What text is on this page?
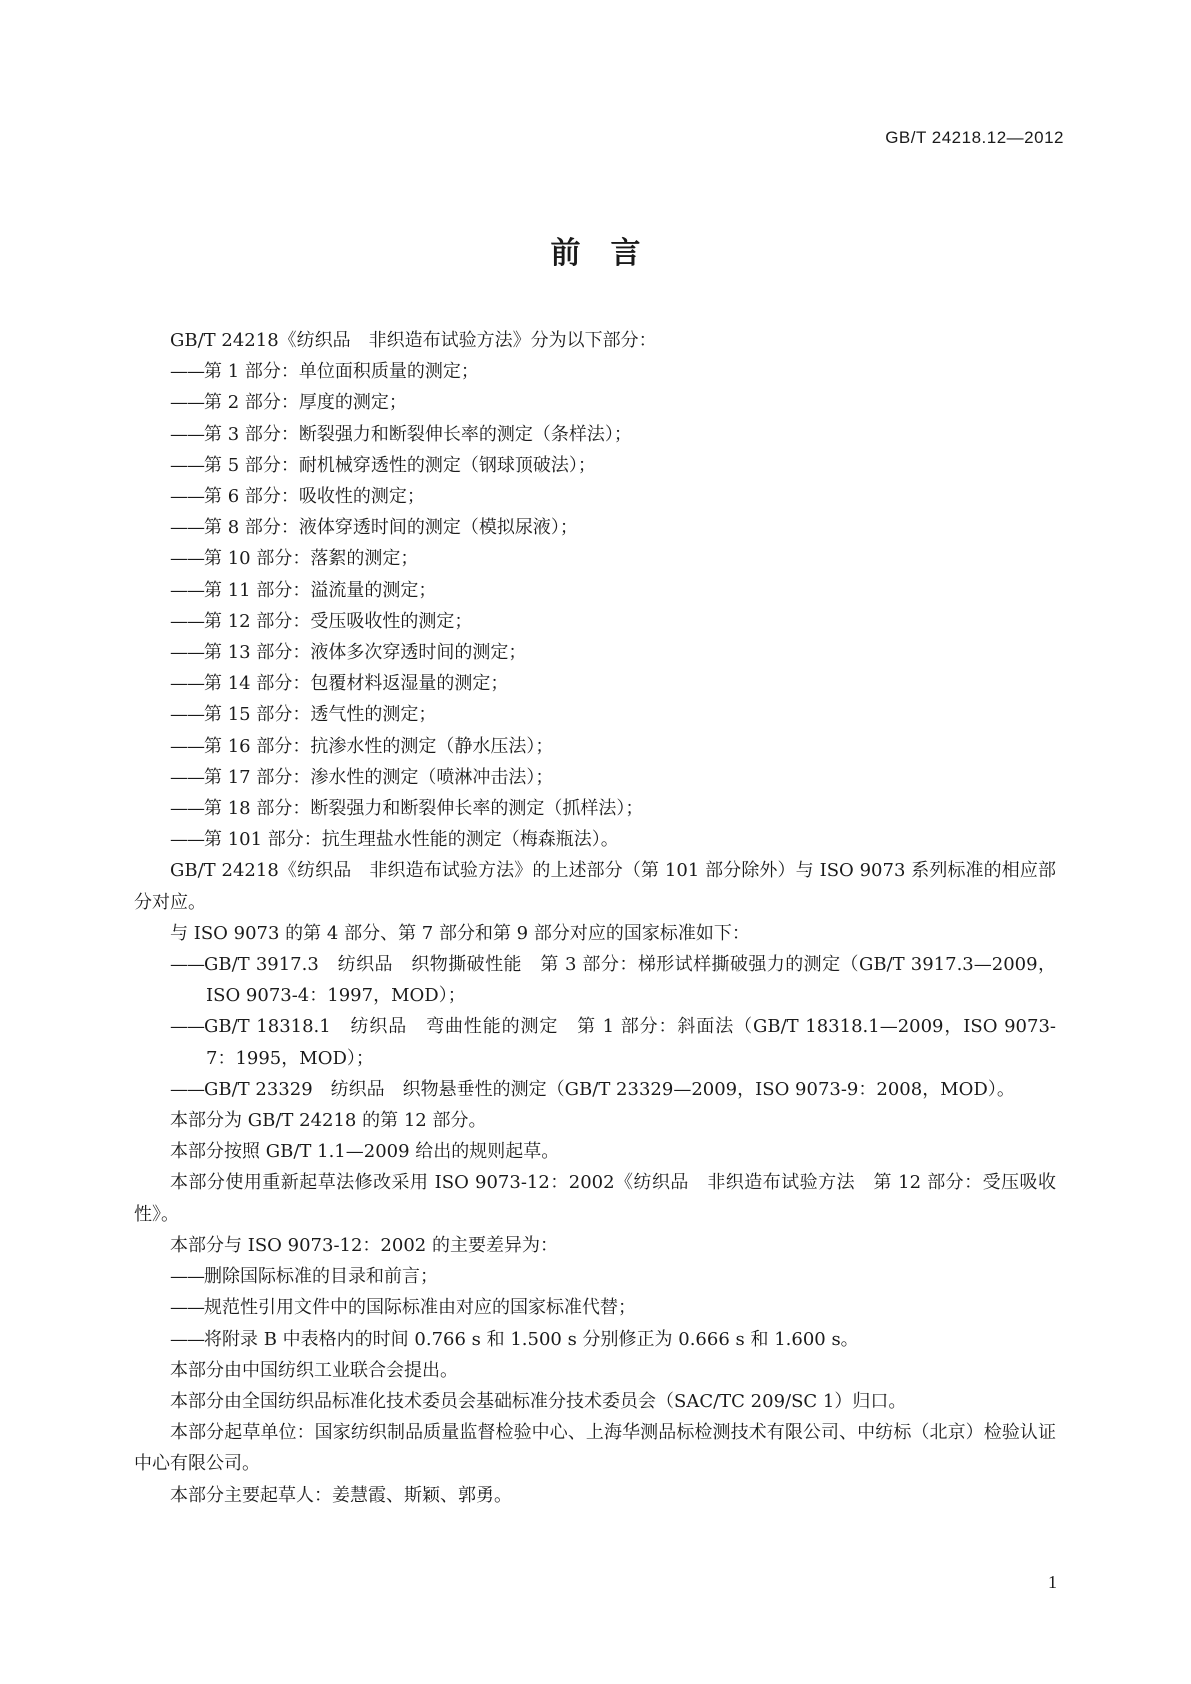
GB/T 24218.12—2012
前言

GB/T 24218《纺织品　非织造布试验方法》分为以下部分：

——第 1 部分：单位面积质量的测定；

——第 2 部分：厚度的测定；

——第 3 部分：断裂强力和断裂伸长率的测定（条样法）；

——第 5 部分：耐机械穿透性的测定（钢球顶破法）；

——第 6 部分：吸收性的测定；

——第 8 部分：液体穿透时间的测定（模拟尿液）；

——第 10 部分：落絮的测定；

——第 11 部分：溢流量的测定；

——第 12 部分：受压吸收性的测定；

——第 13 部分：液体多次穿透时间的测定；

——第 14 部分：包覆材料返湿量的测定；

——第 15 部分：透气性的测定；

——第 16 部分：抗渗水性的测定（静水压法）；

——第 17 部分：渗水性的测定（喷淋冲击法）；

——第 18 部分：断裂强力和断裂伸长率的测定（抓样法）；

——第 101 部分：抗生理盐水性能的测定（梅森瓶法）。

GB/T 24218《纺织品　非织造布试验方法》的上述部分（第 101 部分除外）与 ISO 9073 系列标准的相应部分对应。

与 ISO 9073 的第 4 部分、第 7 部分和第 9 部分对应的国家标准如下：

——GB/T 3917.3　纺织品　织物撕破性能　第 3 部分：梯形试样撕破强力的测定（GB/T 3917.3—2009，ISO 9073-4：1997，MOD）；

——GB/T 18318.1　纺织品　弯曲性能的测定　第 1 部分：斜面法（GB/T 18318.1—2009，ISO 9073-7：1995，MOD）；

——GB/T 23329　纺织品　织物悬垂性的测定（GB/T 23329—2009，ISO 9073-9：2008，MOD）。

本部分为 GB/T 24218 的第 12 部分。

本部分按照 GB/T 1.1—2009 给出的规则起草。

本部分使用重新起草法修改采用 ISO 9073-12：2002《纺织品　非织造布试验方法　第 12 部分：受压吸收性》。

本部分与 ISO 9073-12：2002 的主要差异为：

——删除国际标准的目录和前言；

——规范性引用文件中的国际标准由对应的国家标准代替；

——将附录 B 中表格内的时间 0.766 s 和 1.500 s 分别修正为 0.666 s 和 1.600 s。

本部分由中国纺织工业联合会提出。

本部分由全国纺织品标准化技术委员会基础标准分技术委员会（SAC/TC 209/SC 1）归口。

本部分起草单位：国家纺织制品质量监督检验中心、上海华测品标检测技术有限公司、中纺标（北京）检验认证中心有限公司。

本部分主要起草人：姜慧霞、斯颖、郭勇。

1
